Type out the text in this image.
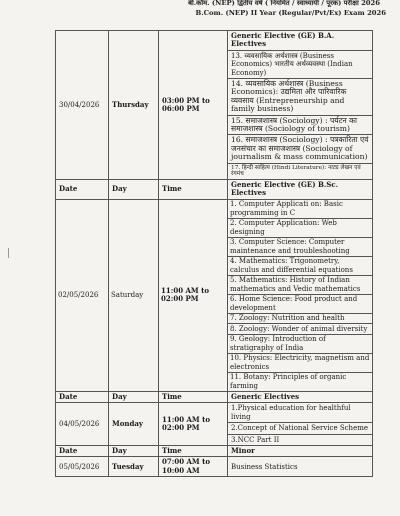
बी.कॉम. (NEP) द्वितीय वर्ष ( नियमित / स्वाध्यायी / पूरक) परीक्षा 2026
B.Com. (NEP) II Year (Regular/Pvt/Ex) Exam 2026
30/04/2026	Thursday	03:00 PM to 06:00 PM	Generic Elective (GE) B.A. Electives
			13. व्यवसायिक अर्थशास्त्र (Business Economics) भारतीय अर्थव्यवस्था (Indian Economy)
			14. व्यवसायिक अर्थशास्त्र (Business Economics): उद्यमिता और पारिवारिक व्यवसाय (Entrepreneurship and family business)
			15. समाजशास्त्र (Sociology) : पर्यटन का समाजशास्त्र (Sociology of tourism)
			16. समाजशास्त्र (Sociology) : पत्रकारिता एवं जनसंचार का समाजशास्त्र (Sociology of journalism & mass communication)
			17. हिन्दी साहित्य (Hindi Literature): नाट्य लेखन एवं रंगमंच
Date	Day	Time	Generic Elective (GE) B.Sc. Electives
02/05/2026	Saturday	11:00 AM to 02:00 PM	1. Computer Applicati on: Basic programming in C
			2. Computer Application: Web designing
			3. Computer Science: Computer maintenance and troubleshooting
			4. Mathematics: Trigonometry, calculus and differential equations
			5. Mathematics: History of Indian mathematics and Vedic mathematics
			6. Home Science: Food product and development
			7. Zoology: Nutrition and health
			8. Zoology: Wonder of animal diversity
			9. Geology: Introduction of stratigraphy of India
			10. Physics: Electricity, magnetism and electronics
			11. Botany: Principles of organic farming
Date	Day	Time	Generic Electives
04/05/2026	Monday	11:00 AM to 02:00 PM	1.Physical education for healthful living
			2.Concept of National Service Scheme
			3.NCC Part II
Date	Day	Time	Minor
05/05/2026	Tuesday	07:00 AM to 10:00 AM	Business Statistics
